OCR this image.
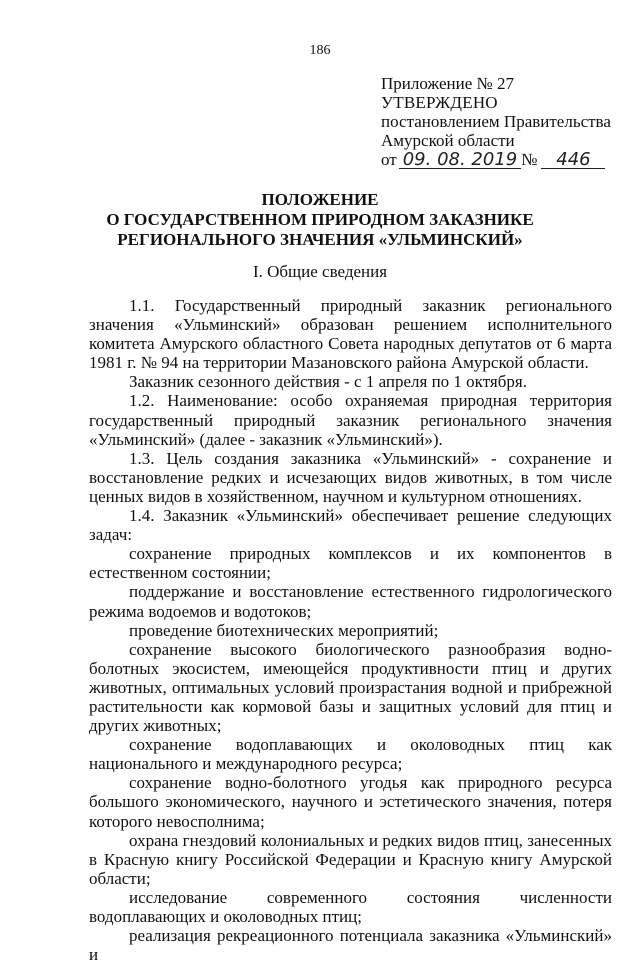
186
Приложение № 27
УТВЕРЖДЕНО
постановлением Правительства
Амурской области
от 09. 08. 2019 № 446
ПОЛОЖЕНИЕ
О ГОСУДАРСТВЕННОМ ПРИРОДНОМ ЗАКАЗНИКЕ
РЕГИОНАЛЬНОГО ЗНАЧЕНИЯ «УЛЬМИНСКИЙ»
I. Общие сведения

1.1. Государственный природный заказник регионального значения «Ульминский» образован решением исполнительного комитета Амурского областного Совета народных депутатов от 6 марта 1981 г. № 94 на территории Мазановского района Амурской области.

Заказник сезонного действия - с 1 апреля по 1 октября.

1.2. Наименование: особо охраняемая природная территория государственный природный заказник регионального значения «Ульминский» (далее - заказник «Ульминский»).

1.3. Цель создания заказника «Ульминский» - сохранение и восстановление редких и исчезающих видов животных, в том числе ценных видов в хозяйственном, научном и культурном отношениях.

1.4. Заказник «Ульминский» обеспечивает решение следующих задач:

сохранение природных комплексов и их компонентов в естественном состоянии;

поддержание и восстановление естественного гидрологического режима водоемов и водотоков;

проведение биотехнических мероприятий;

сохранение высокого биологического разнообразия водно-болотных экосистем, имеющейся продуктивности птиц и других животных, оптимальных условий произрастания водной и прибрежной растительности как кормовой базы и защитных условий для птиц и других животных;

сохранение водоплавающих и околоводных птиц как национального и международного ресурса;

сохранение водно-болотного угодья как природного ресурса большого экономического, научного и эстетического значения, потеря которого невосполнима;

охрана гнездовий колониальных и редких видов птиц, занесенных в Красную книгу Российской Федерации и Красную книгу Амурской области;

исследование современного состояния численности водоплавающих и околоводных птиц;

реализация рекреационного потенциала заказника «Ульминский» и
